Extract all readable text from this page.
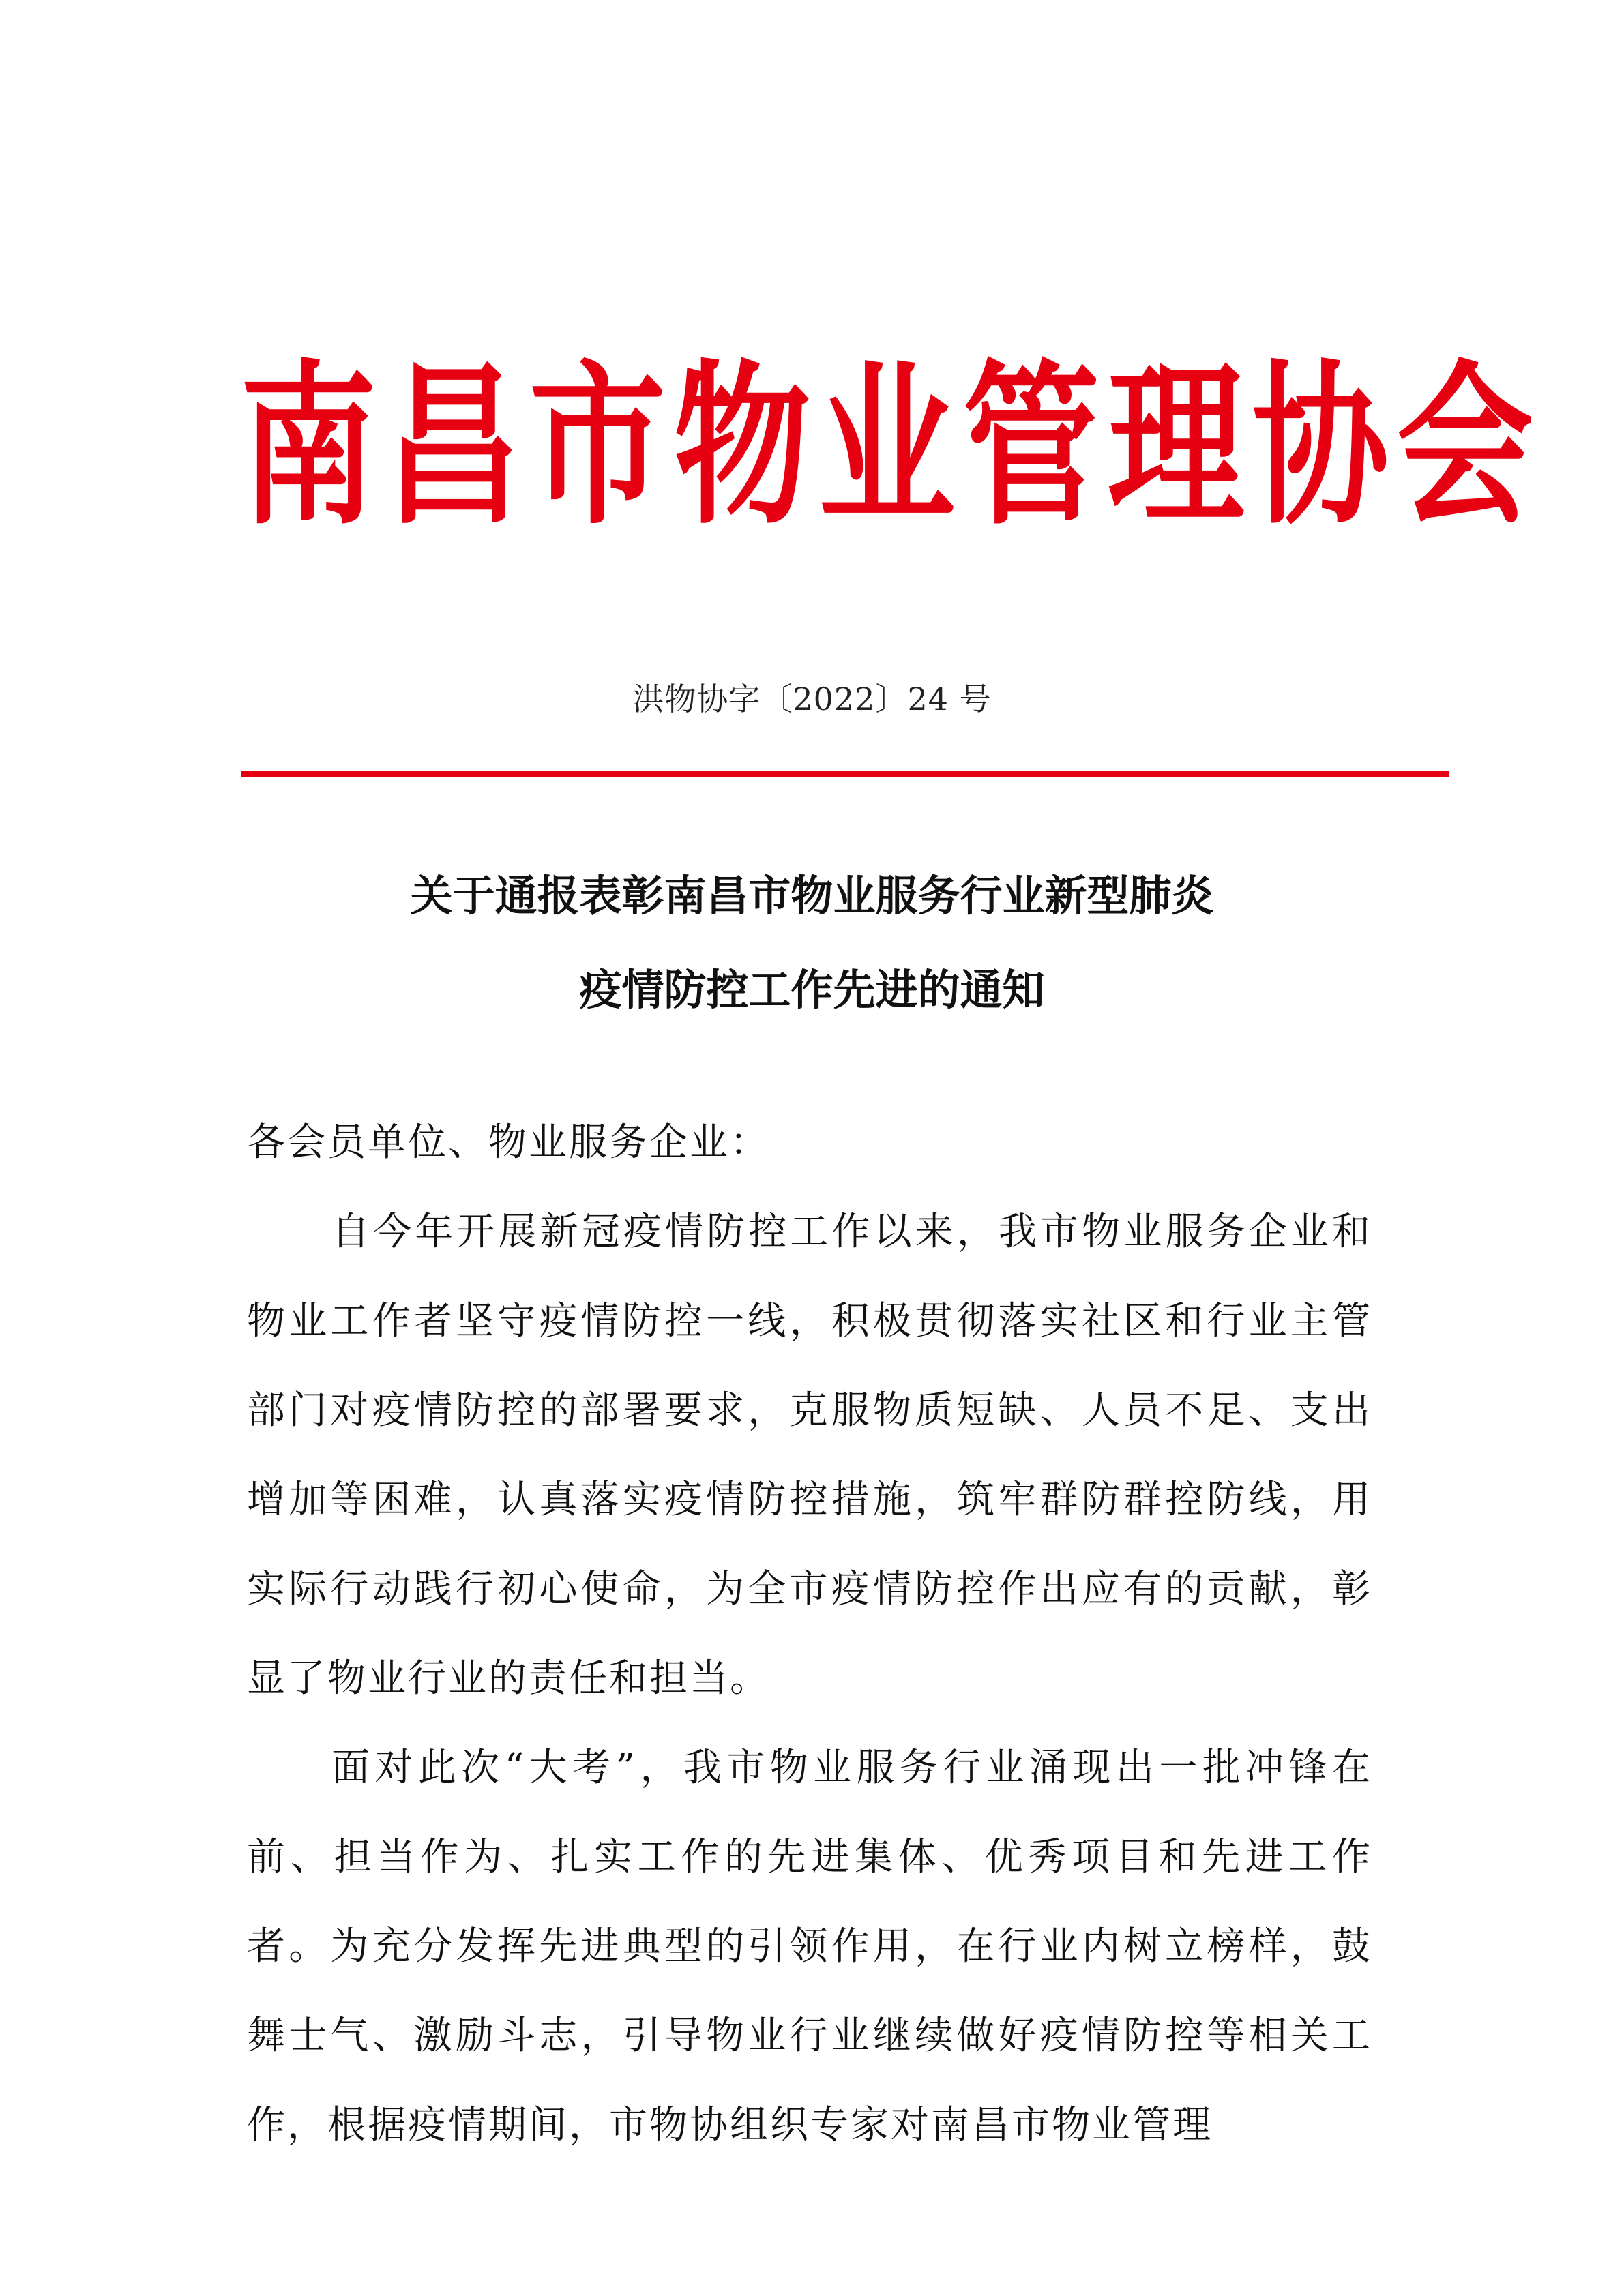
南昌市物业管理协会
洪物协字〔2022〕24 号
关于通报表彰南昌市物业服务行业新型肺炎
疫情防控工作先进的通知

各会员单位、物业服务企业：

自今年开展新冠疫情防控工作以来，我市物业服务企业和物业工作者坚守疫情防控一线，积极贯彻落实社区和行业主管部门对疫情防控的部署要求，克服物质短缺、人员不足、支出增加等困难，认真落实疫情防控措施，筑牢群防群控防线，用实际行动践行初心使命，为全市疫情防控作出应有的贡献，彰显了物业行业的责任和担当。

面对此次“大考”，我市物业服务行业涌现出一批冲锋在前、担当作为、扎实工作的先进集体、优秀项目和先进工作者。为充分发挥先进典型的引领作用，在行业内树立榜样，鼓舞士气、激励斗志，引导物业行业继续做好疫情防控等相关工作，根据疫情期间，市物协组织专家对南昌市物业管理
